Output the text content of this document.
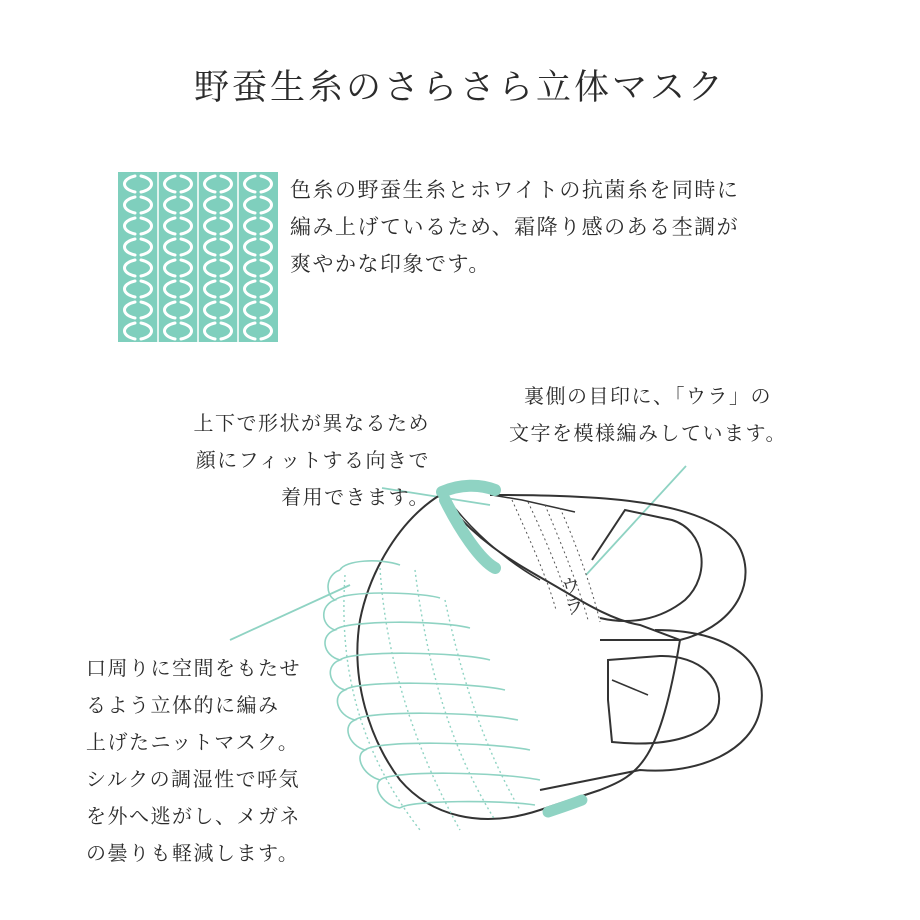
野蚕生糸のさらさら立体マスク
色糸の野蚕生糸とホワイトの抗菌糸を同時に
編み上げているため、霜降り感のある杢調が
爽やかな印象です。
ウラ
裏側の目印に、「ウラ」の
文字を模様編みしています。
上下で形状が異なるため
顔にフィットする向きで
着用できます。
口周りに空間をもたせ
るよう立体的に編み
上げたニットマスク。
シルクの調湿性で呼気
を外へ逃がし、メガネ
の曇りも軽減します。
